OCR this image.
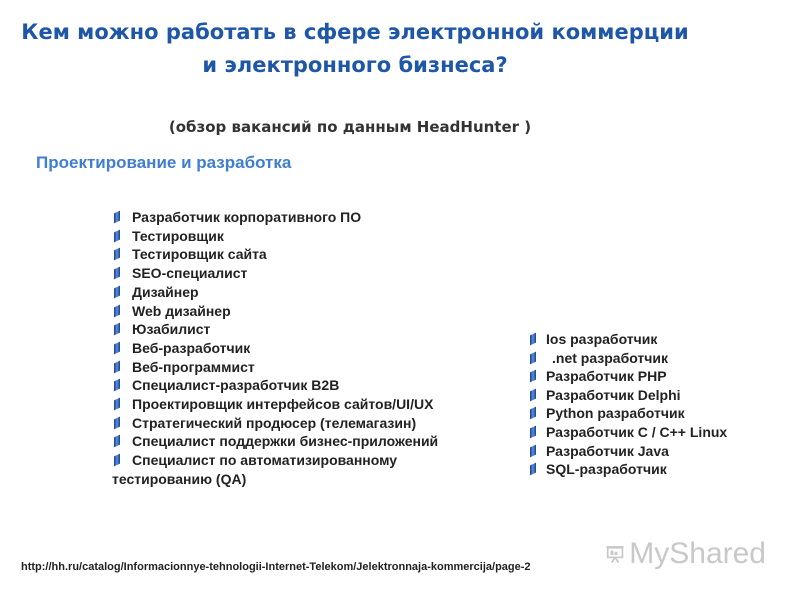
Кем можно работать в сфере электронной коммерции
и электронного бизнеса?
(обзор вакансий по данным HeadHunter )
Проектирование и разработка
Разработчик корпоративного ПО
Тестировщик
Тестировщик сайта
SEO-специалист
Дизайнер
Web дизайнер
Юзабилист
Веб-разработчик
Веб-программист
Специалист-разработчик B2B
Проектировщик интерфейсов сайтов/UI/UX
Стратегический продюсер (телемагазин)
Специалист поддержки бизнес-приложений
Специалист по автоматизированному тестированию (QA)
Ios разработчик
.net разработчик
Разработчик PHP
Разработчик Delphi
Python разработчик
Разработчик С / С++ Linux
Разработчик Java
SQL-разработчик
http://hh.ru/catalog/Informacionnye-tehnologii-Internet-Telekom/Jelektronnaja-kommercija/page-2	MyShared
